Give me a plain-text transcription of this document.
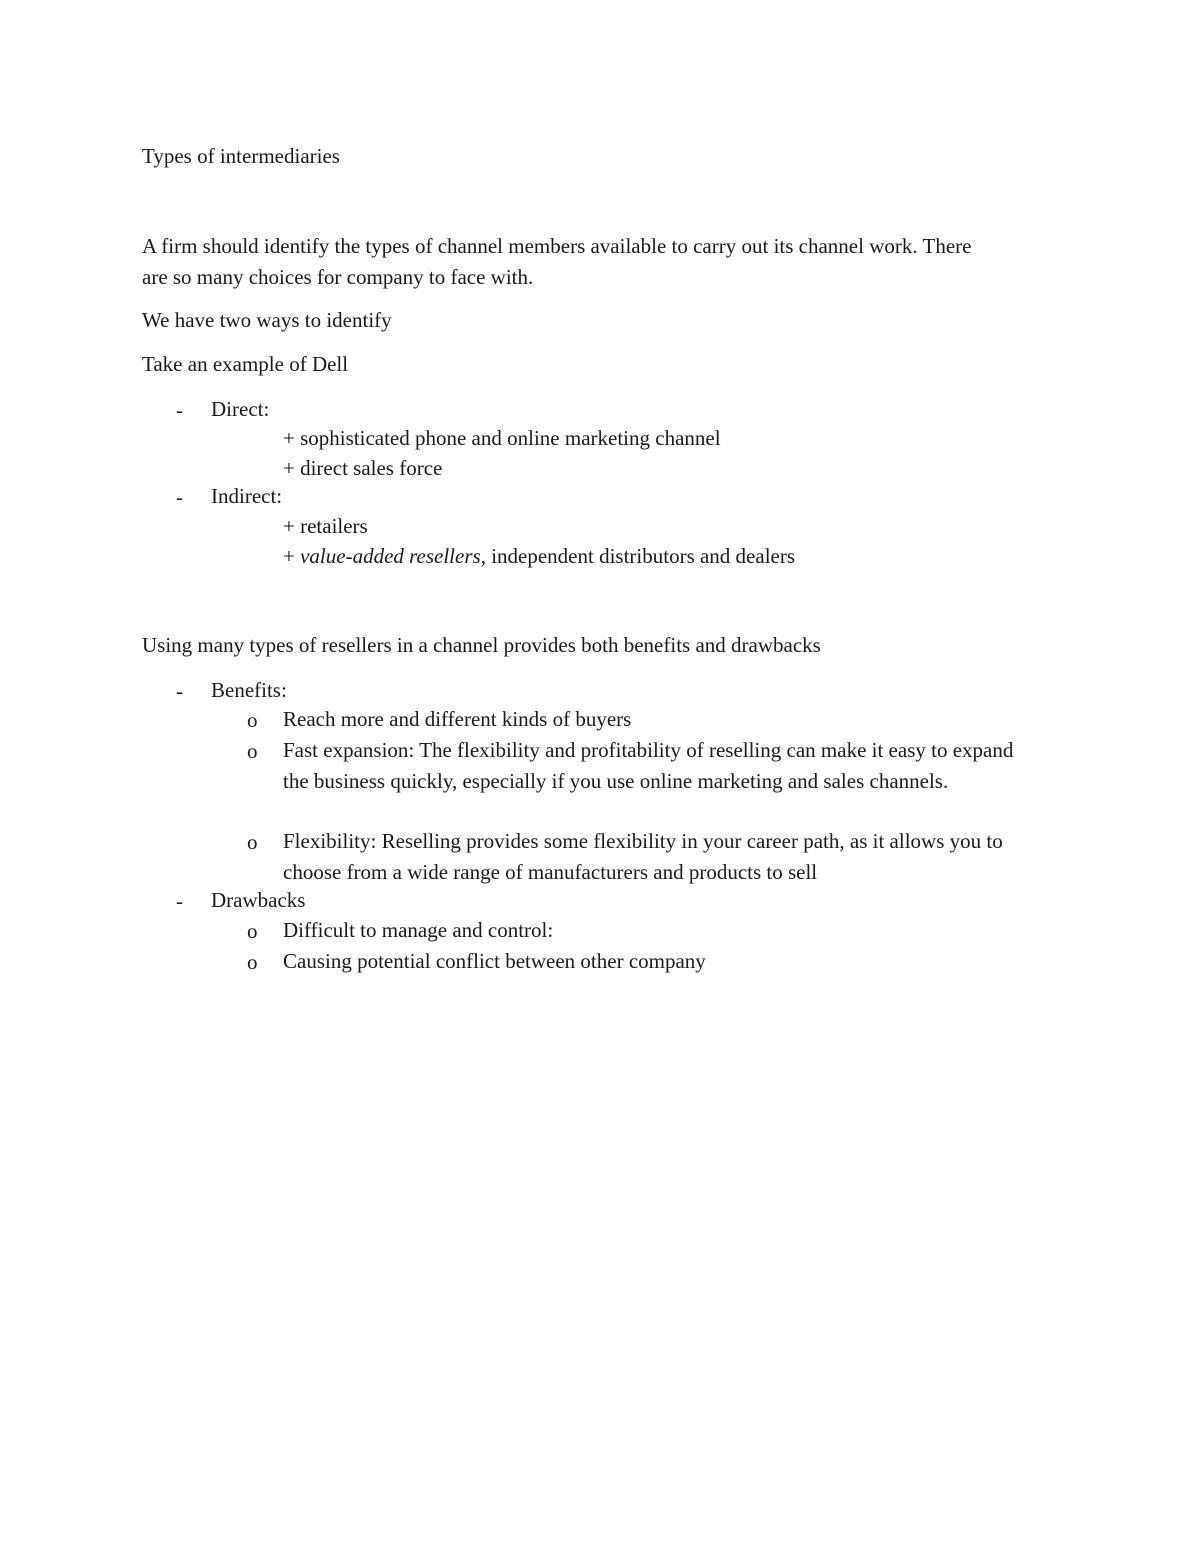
Types of intermediaries
A firm should identify the types of channel members available to carry out its channel work. There are so many choices for company to face with.
We have two ways to identify
Take an example of Dell
- Direct:
+ sophisticated phone and online marketing channel
+ direct sales force
- Indirect:
+ retailers
+ value-added resellers, independent distributors and dealers
Using many types of resellers in a channel provides both benefits and drawbacks
- Benefits:
o Reach more and different kinds of buyers
o Fast expansion: The flexibility and profitability of reselling can make it easy to expand the business quickly, especially if you use online marketing and sales channels.
o Flexibility: Reselling provides some flexibility in your career path, as it allows you to choose from a wide range of manufacturers and products to sell
- Drawbacks
o Difficult to manage and control:
o Causing potential conflict between other company
